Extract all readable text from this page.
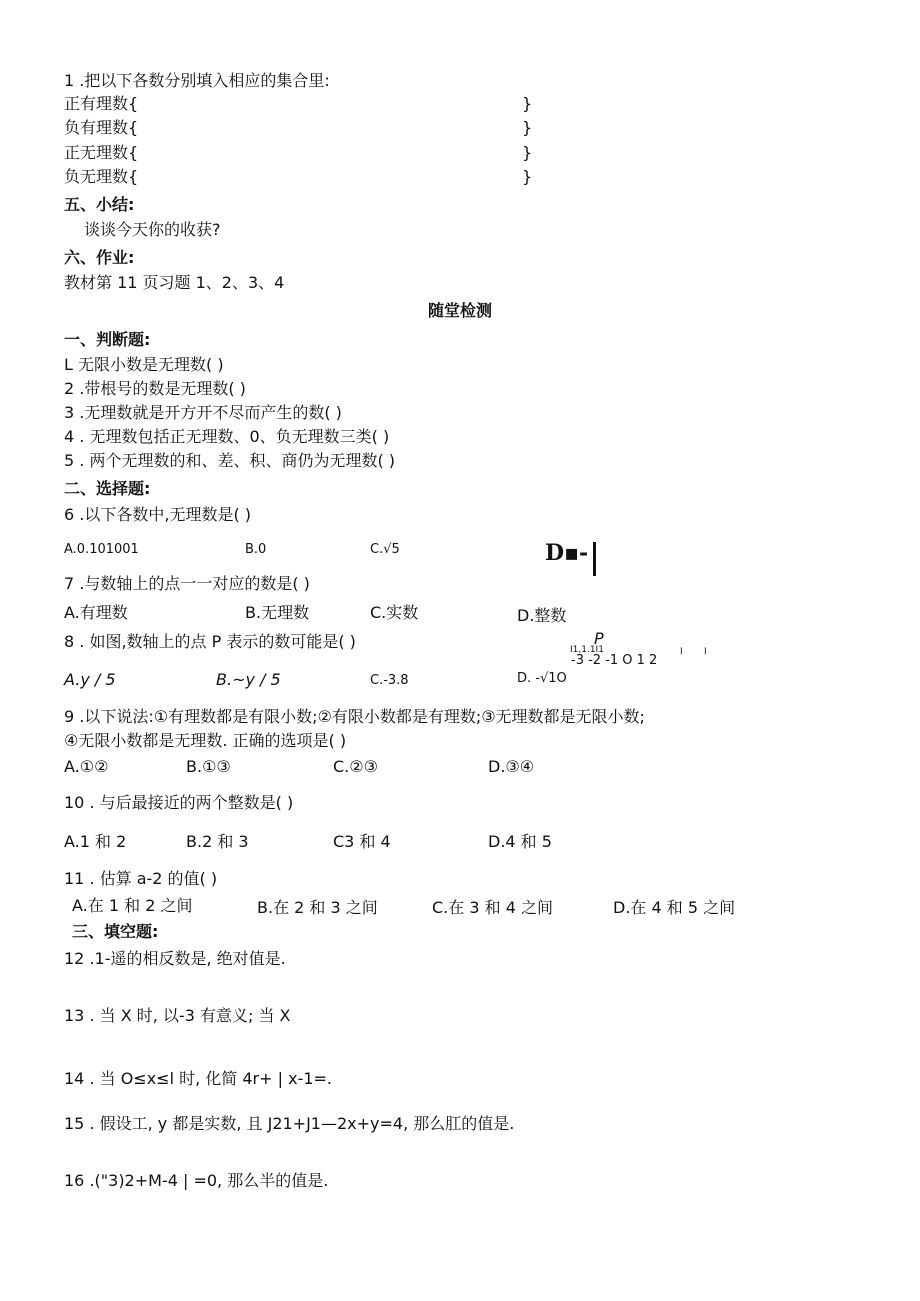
1 .把以下各数分别填入相应的集合里:
正有理数{	}
负有理数{	}
正无理数{	}
负无理数{	}
五、小结:
谈谈今天你的收获?
六、作业:
教材第 11 页习题 1、2、3、4
随堂检测
一、判断题:
L 无限小数是无理数( )
2 .带根号的数是无理数( )
3 .无理数就是开方开不尽而产生的数( )
4 . 无理数包括正无理数、0、负无理数三类( )
5 . 两个无理数的和、差、积、商仍为无理数( )
二、选择题:
6 .以下各数中,无理数是( )
A.0.101001	B.0	C.√5	D▪-
7 .与数轴上的点一一对应的数是( )
A.有理数	B.无理数	C.实数	D.整数
8 . 如图,数轴上的点 P 表示的数可能是( )	I1,1.1I1
P
-3 -2 -1 O 1 2
I I
A.y / 5	B.~y / 5	C.-3.8	D. -√1O
9 .以下说法:①有理数都是有限小数;②有限小数都是有理数;③无理数都是无限小数;
④无限小数都是无理数. 正确的选项是( )
A.①②	B.①③	C.②③	D.③④
10 . 与后最接近的两个整数是( )
A.1 和 2	B.2 和 3	C3 和 4	D.4 和 5
11 . 估算 a-2 的值( )
A.在 1 和 2 之间	B.在 2 和 3 之间	C.在 3 和 4 之间	D.在 4 和 5 之间
三、填空题:
12 .1-遥的相反数是, 绝对值是.
13 . 当 X 时, 以-3 有意义; 当 X
14 . 当 O≤x≤l 时, 化简 4r+ | x-1=.
15 . 假设工, y 都是实数, 且 J21+J1—2x+y=4, 那么肛的值是.
16 .("3)2+M-4 | =0, 那么半的值是.
